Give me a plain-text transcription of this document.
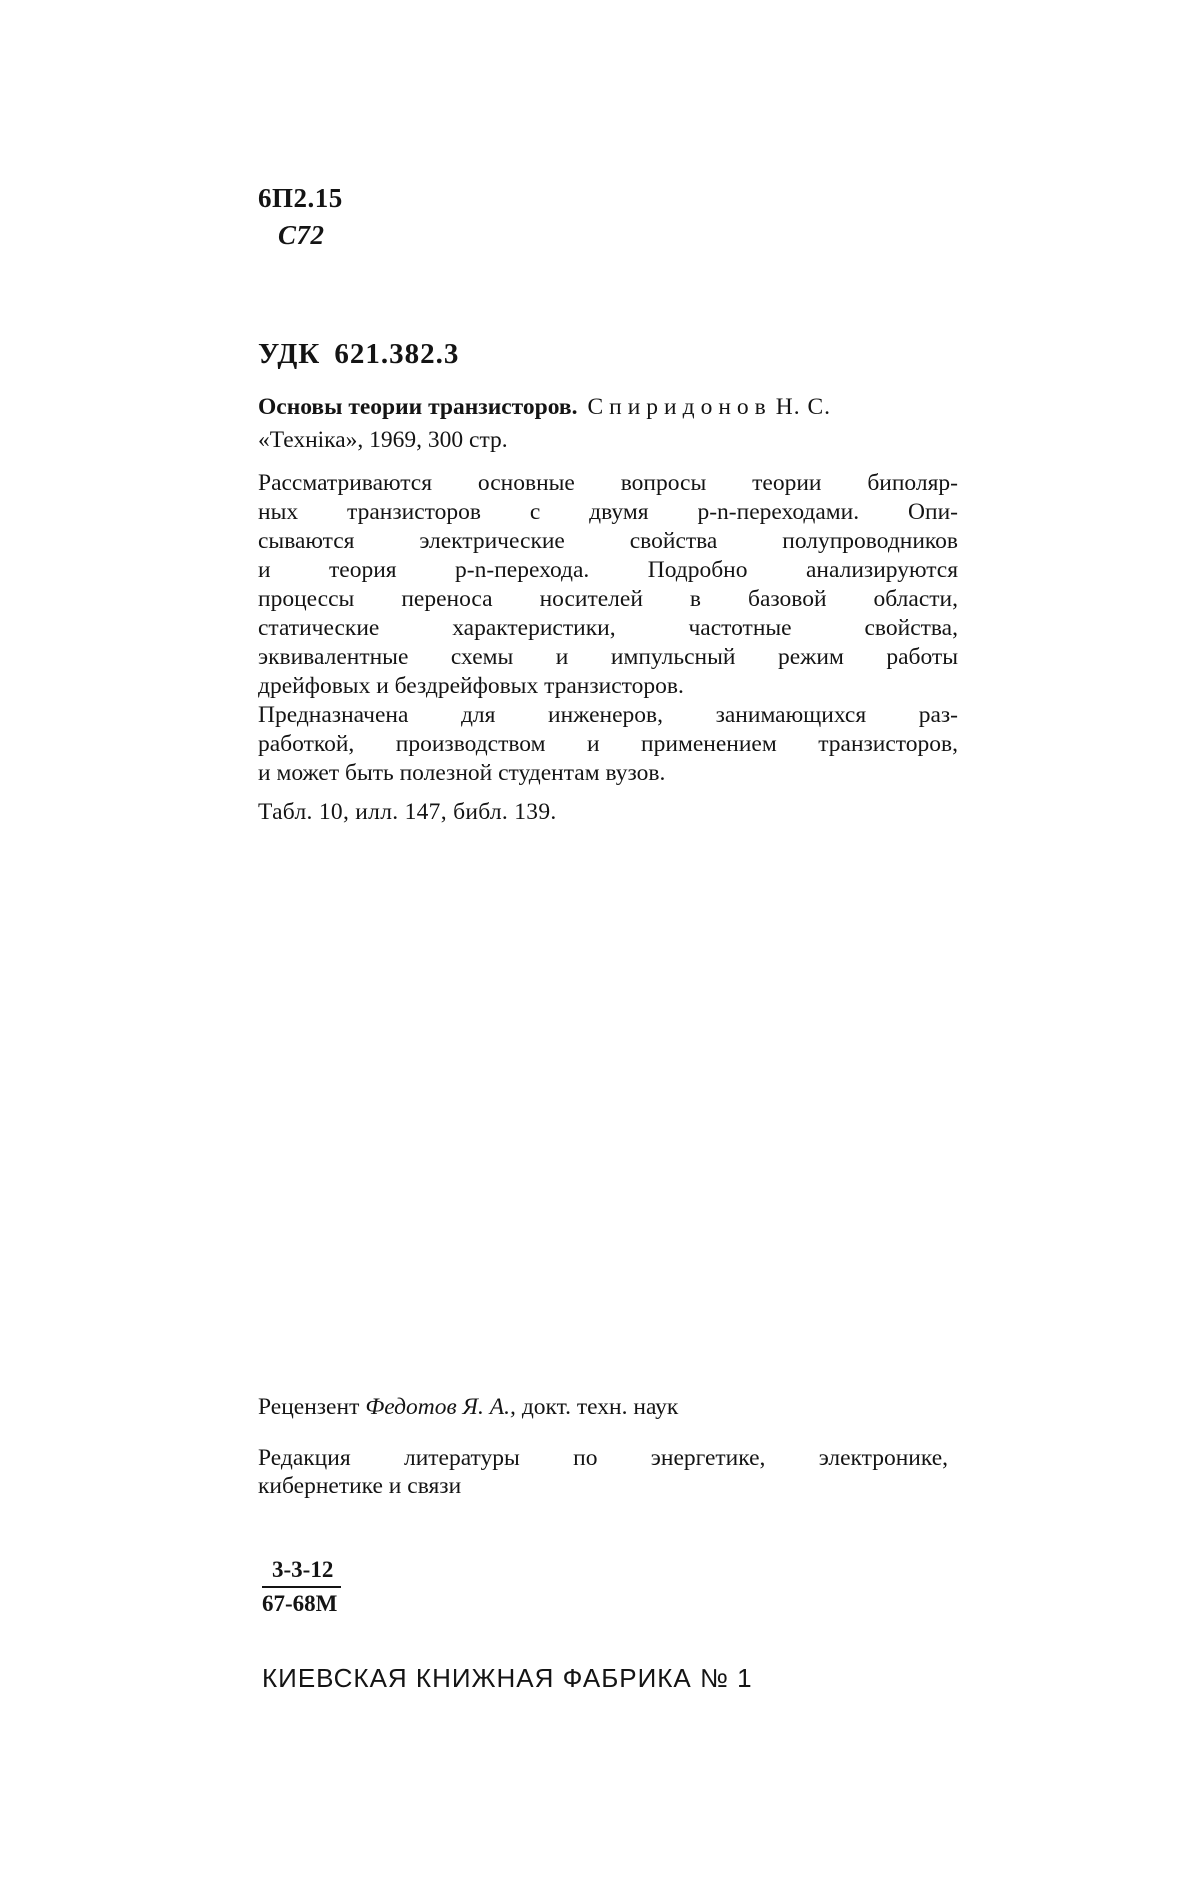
6П2.15
С72
УДК 621.382.3
Основы теории транзисторов. Спиридонов Н. С.
«Техніка», 1969, 300 стр.
Рассматриваются основные вопросы теории биполяр-
ных транзисторов с двумя p-n-переходами. Опи-
сываются электрические свойства полупроводников
и теория p-n-перехода. Подробно анализируются
процессы переноса носителей в базовой области,
статические характеристики, частотные свойства,
эквивалентные схемы и импульсный режим работы
дрейфовых и бездрейфовых транзисторов.
Предназначена для инженеров, занимающихся раз-
работкой, производством и применением транзисторов,
и может быть полезной студентам вузов.
Табл. 10, илл. 147, библ. 139.
Рецензент Федотов Я. А., докт. техн. наук
Редакция литературы по энергетике, электронике,
кибернетике и связи
3-3-12
67-68М
КИЕВСКАЯ КНИЖНАЯ ФАБРИКА № 1
